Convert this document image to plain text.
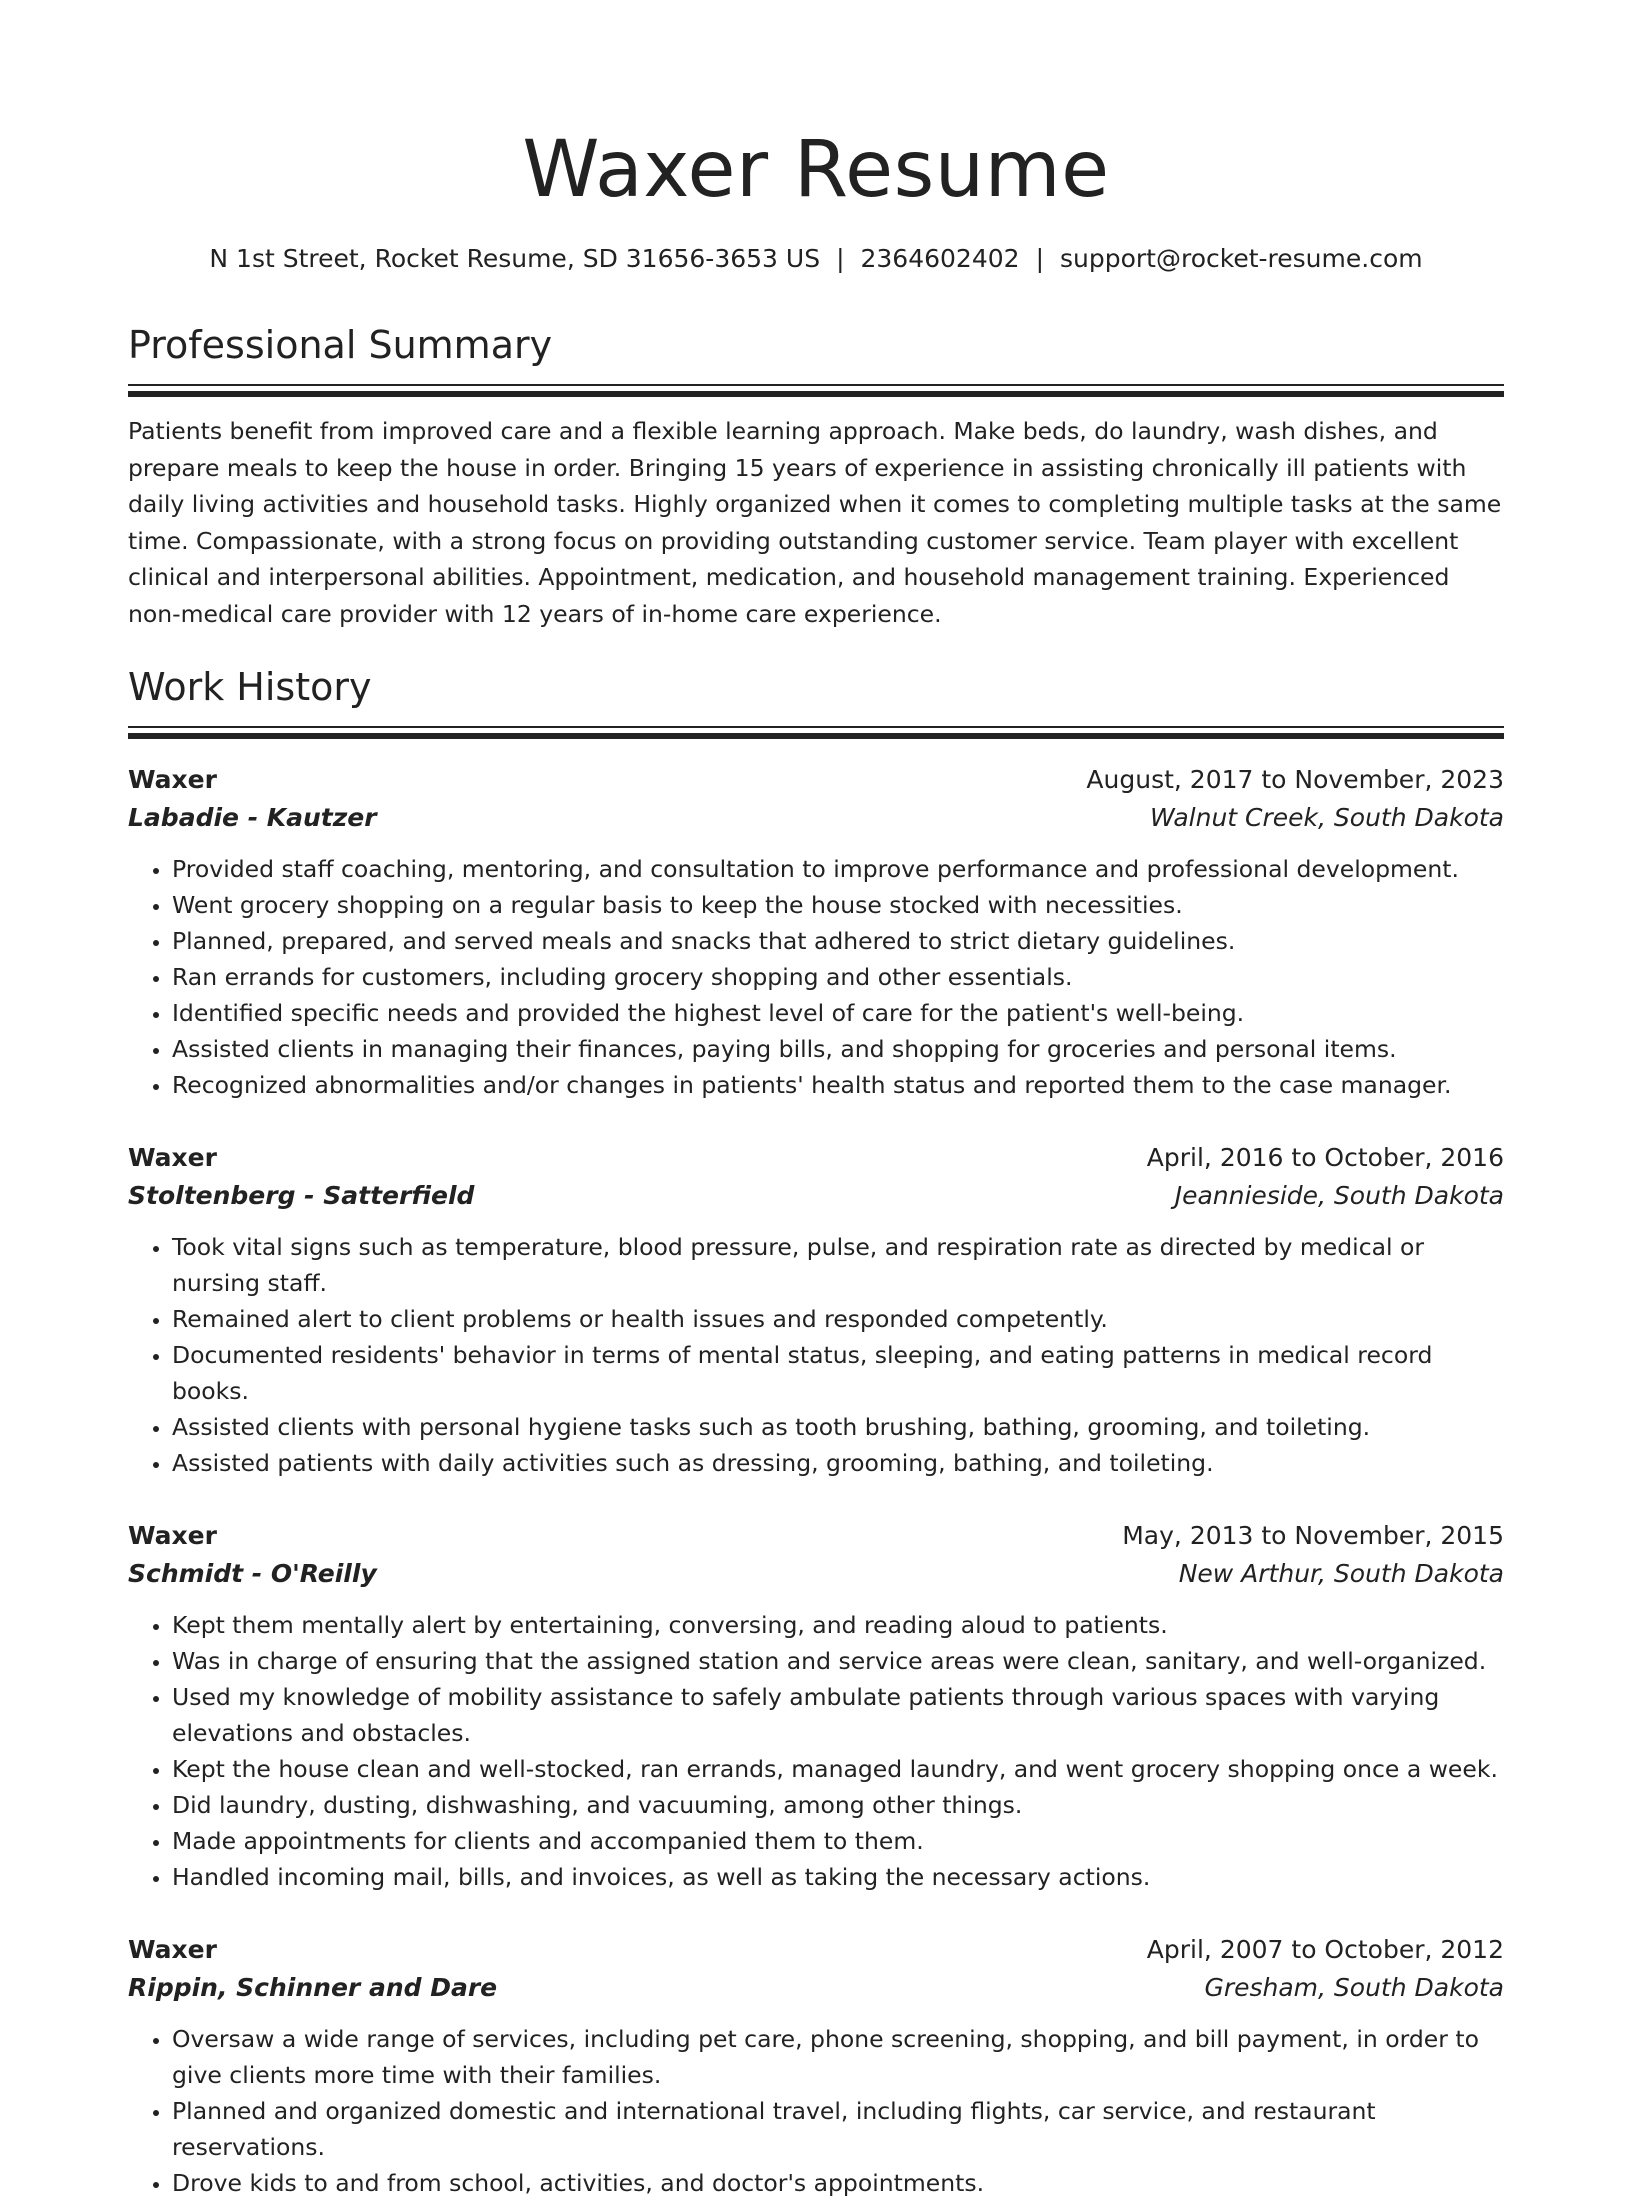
Waxer Resume
N 1st Street, Rocket Resume, SD 31656-3653 US | 2364602402 | support@rocket-resume.com
Professional Summary

Patients benefit from improved care and a flexible learning approach. Make beds, do laundry, wash dishes, and prepare meals to keep the house in order. Bringing 15 years of experience in assisting chronically ill patients with daily living activities and household tasks. Highly organized when it comes to completing multiple tasks at the same time. Compassionate, with a strong focus on providing outstanding customer service. Team player with excellent clinical and interpersonal abilities. Appointment, medication, and household management training. Experienced non-medical care provider with 12 years of in-home care experience.

Work History
Waxer	August, 2017 to November, 2023
Labadie - Kautzer	Walnut Creek, South Dakota
• Provided staff coaching, mentoring, and consultation to improve performance and professional development.
• Went grocery shopping on a regular basis to keep the house stocked with necessities.
• Planned, prepared, and served meals and snacks that adhered to strict dietary guidelines.
• Ran errands for customers, including grocery shopping and other essentials.
• Identified specific needs and provided the highest level of care for the patient's well-being.
• Assisted clients in managing their finances, paying bills, and shopping for groceries and personal items.
• Recognized abnormalities and/or changes in patients' health status and reported them to the case manager.
Waxer	April, 2016 to October, 2016
Stoltenberg - Satterfield	Jeannieside, South Dakota
• Took vital signs such as temperature, blood pressure, pulse, and respiration rate as directed by medical or nursing staff.
• Remained alert to client problems or health issues and responded competently.
• Documented residents' behavior in terms of mental status, sleeping, and eating patterns in medical record books.
• Assisted clients with personal hygiene tasks such as tooth brushing, bathing, grooming, and toileting.
• Assisted patients with daily activities such as dressing, grooming, bathing, and toileting.
Waxer	May, 2013 to November, 2015
Schmidt - O'Reilly	New Arthur, South Dakota
• Kept them mentally alert by entertaining, conversing, and reading aloud to patients.
• Was in charge of ensuring that the assigned station and service areas were clean, sanitary, and well-organized.
• Used my knowledge of mobility assistance to safely ambulate patients through various spaces with varying elevations and obstacles.
• Kept the house clean and well-stocked, ran errands, managed laundry, and went grocery shopping once a week.
• Did laundry, dusting, dishwashing, and vacuuming, among other things.
• Made appointments for clients and accompanied them to them.
• Handled incoming mail, bills, and invoices, as well as taking the necessary actions.
Waxer	April, 2007 to October, 2012
Rippin, Schinner and Dare	Gresham, South Dakota
• Oversaw a wide range of services, including pet care, phone screening, shopping, and bill payment, in order to give clients more time with their families.
• Planned and organized domestic and international travel, including flights, car service, and restaurant reservations.
• Drove kids to and from school, activities, and doctor's appointments.
